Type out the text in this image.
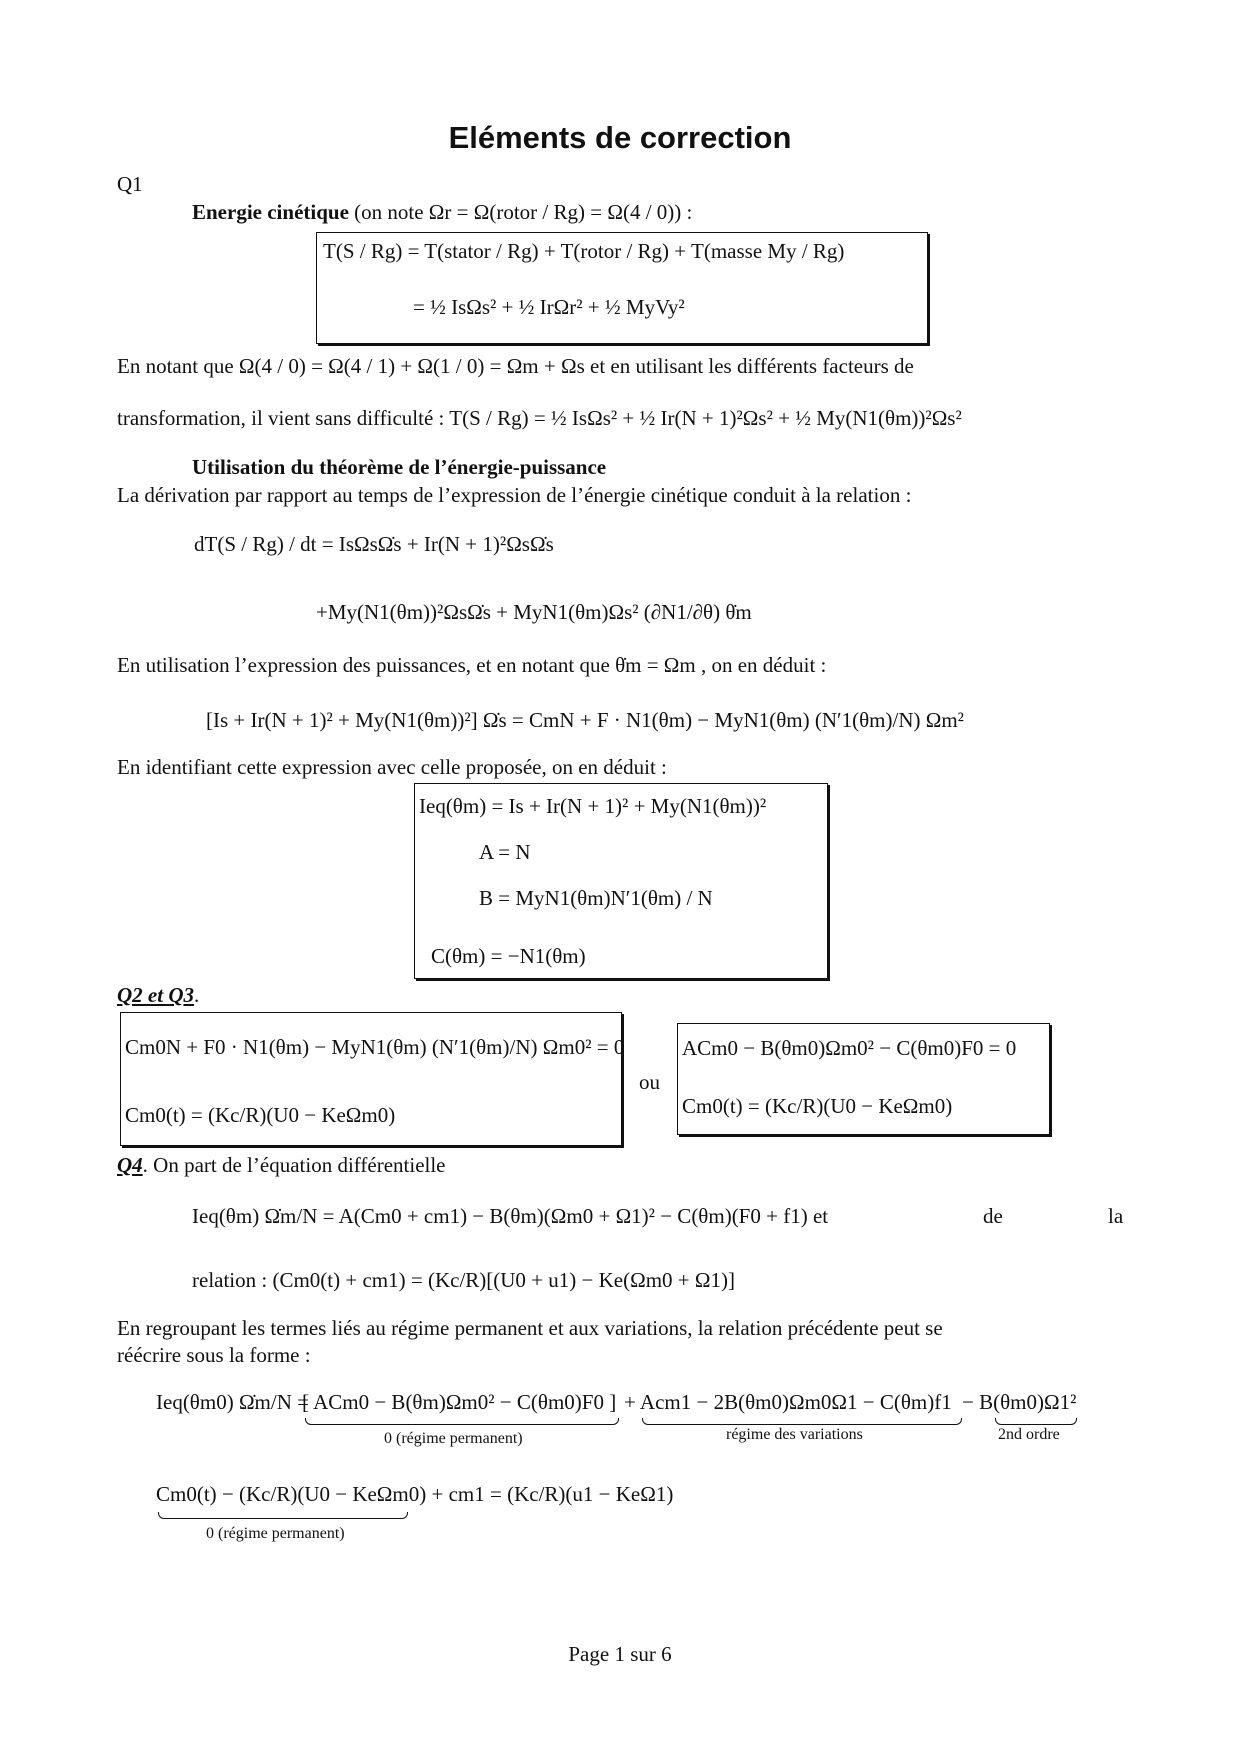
Eléments de correction
Q1
Energie cinétique (on note Ωr = Ω(rotor / Rg) = Ω(4 / 0)) :
T(S / Rg) = T(stator / Rg) + T(rotor / Rg) + T(masse My / Rg)
= ½ IsΩs² + ½ IrΩr² + ½ MyVy²
En notant que Ω(4 / 0) = Ω(4 / 1) + Ω(1 / 0) = Ωm + Ωs et en utilisant les différents facteurs de
transformation, il vient sans difficulté : T(S / Rg) = ½ IsΩs² + ½ Ir(N + 1)²Ωs² + ½ My(N1(θm))²Ωs²
Utilisation du théorème de l’énergie-puissance
La dérivation par rapport au temps de l’expression de l’énergie cinétique conduit à la relation :
dT(S / Rg) / dt = IsΩsΩ̇s + Ir(N + 1)²ΩsΩ̇s
+My(N1(θm))²ΩsΩ̇s + MyN1(θm)Ωs² (∂N1/∂θ) θ̇m
En utilisation l’expression des puissances, et en notant que θ̇m = Ωm , on en déduit :
[Is + Ir(N + 1)² + My(N1(θm))²] Ω̇s = CmN + F · N1(θm) − MyN1(θm) (N′1(θm)/N) Ωm²
En identifiant cette expression avec celle proposée, on en déduit :
Ieq(θm) = Is + Ir(N + 1)² + My(N1(θm))²
A = N
B = MyN1(θm)N′1(θm) / N
C(θm) = −N1(θm)
Q2 et Q3.
Cm0N + F0 · N1(θm) − MyN1(θm) (N′1(θm)/N) Ωm0² = 0
Cm0(t) = (Kc/R)(U0 − KeΩm0)
ou
ACm0 − B(θm0)Ωm0² − C(θm0)F0 = 0
Cm0(t) = (Kc/R)(U0 − KeΩm0)
Q4. On part de l’équation différentielle
Ieq(θm) Ω̇m/N = A(Cm0 + cm1) − B(θm)(Ωm0 + Ω1)² − C(θm)(F0 + f1) et	de	la
relation : (Cm0(t) + cm1) = (Kc/R)[(U0 + u1) − Ke(Ωm0 + Ω1)]
En regroupant les termes liés au régime permanent et aux variations, la relation précédente peut se
réécrire sous la forme :
Ieq(θm0) Ω̇m/N =
[ ACm0 − B(θm)Ωm0² − C(θm0)F0 ] + Acm1 − 2B(θm0)Ωm0Ω1 − C(θm)f1 − B(θm0)Ω1²
0 (régime permanent)	régime des variations	2nd ordre
Cm0(t) − (Kc/R)(U0 − KeΩm0) + cm1 = (Kc/R)(u1 − KeΩ1)
0 (régime permanent)
Page 1 sur 6
